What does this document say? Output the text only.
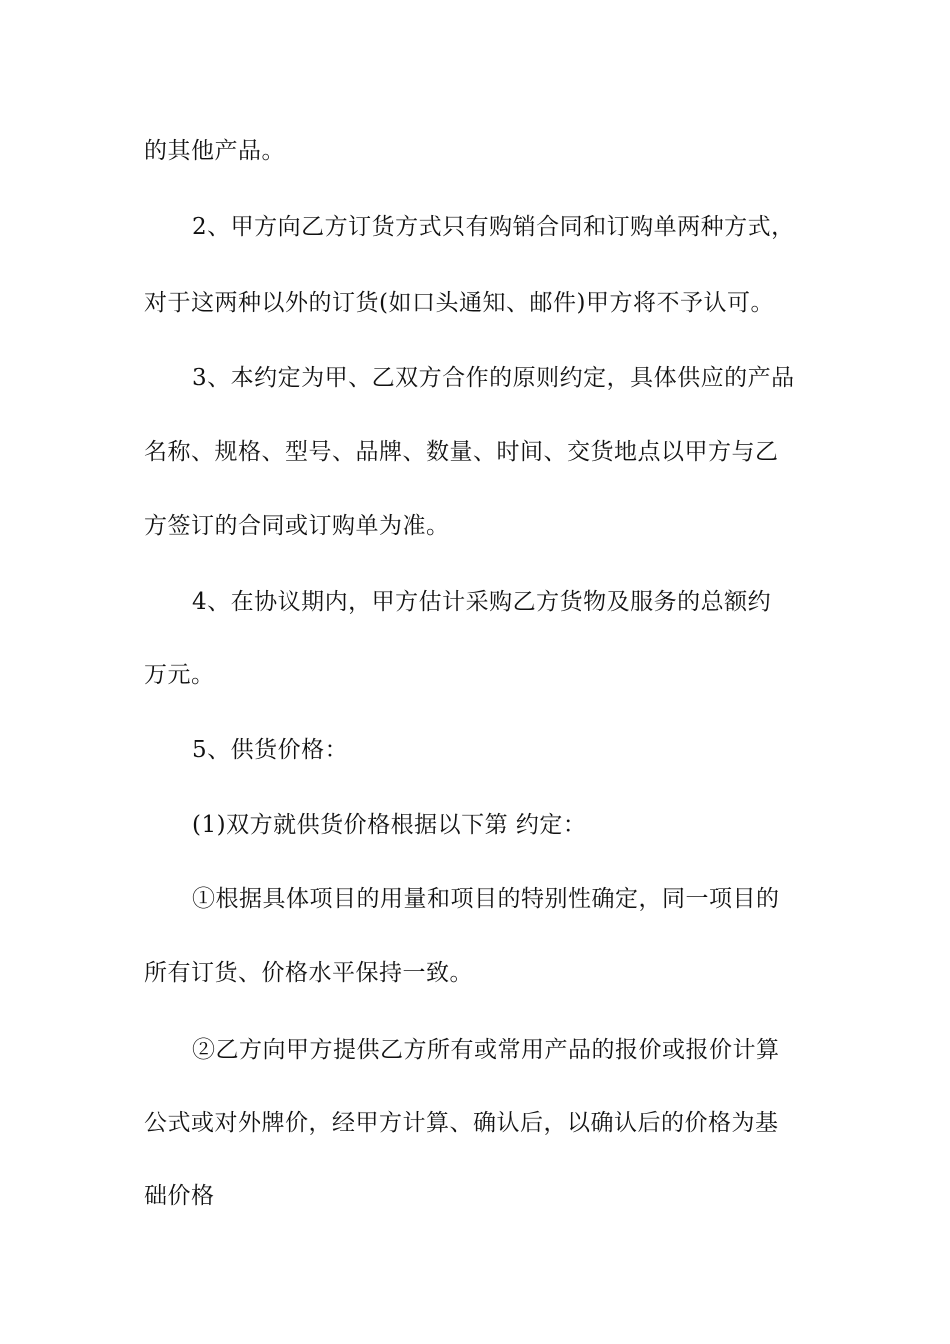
的其他产品。
2、甲方向乙方订货方式只有购销合同和订购单两种方式，
对于这两种以外的订货(如口头通知、邮件)甲方将不予认可。
3、本约定为甲、乙双方合作的原则约定，具体供应的产品
名称、规格、型号、品牌、数量、时间、交货地点以甲方与乙
方签订的合同或订购单为准。
4、在协议期内，甲方估计采购乙方货物及服务的总额约
万元。
5、供货价格：
(1)双方就供货价格根据以下第 约定：
①根据具体项目的用量和项目的特别性确定，同一项目的
所有订货、价格水平保持一致。
②乙方向甲方提供乙方所有或常用产品的报价或报价计算
公式或对外牌价，经甲方计算、确认后，以确认后的价格为基
础价格
